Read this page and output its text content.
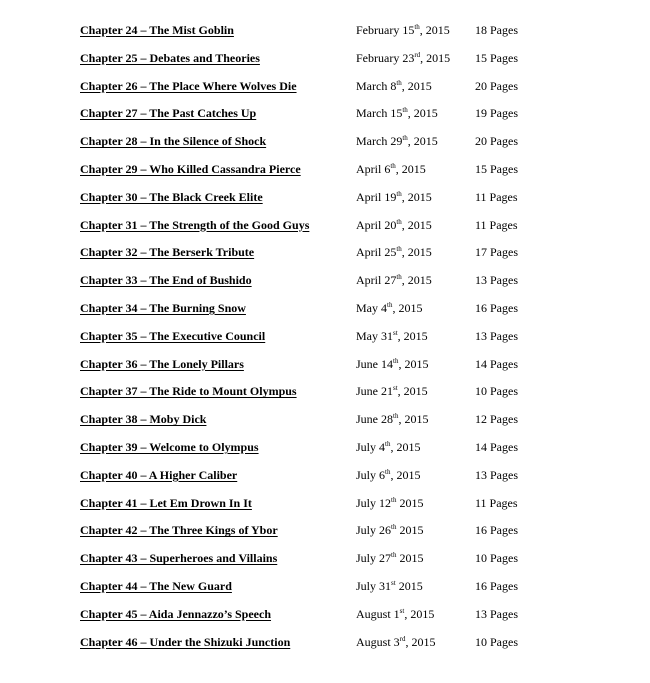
Chapter 24 – The Mist Goblin	February 15th, 2015 18 Pages
Chapter 25 – Debates and Theories	February 23rd, 2015 15 Pages
Chapter 26 – The Place Where Wolves Die	March 8th, 2015	20 Pages
Chapter 27 – The Past Catches Up	March 15th, 2015	19 Pages
Chapter 28 – In the Silence of Shock	March 29th, 2015	20 Pages
Chapter 29 – Who Killed Cassandra Pierce	April 6th, 2015	15 Pages
Chapter 30 – The Black Creek Elite	April 19th, 2015	11 Pages
Chapter 31 – The Strength of the Good Guys	April 20th, 2015	11 Pages
Chapter 32 – The Berserk Tribute	April 25th, 2015	17 Pages
Chapter 33 – The End of Bushido	April 27th, 2015	13 Pages
Chapter 34 – The Burning Snow	May 4th, 2015	16 Pages
Chapter 35 – The Executive Council	May 31st, 2015	13 Pages
Chapter 36 – The Lonely Pillars	June 14th, 2015	14 Pages
Chapter 37 – The Ride to Mount Olympus	June 21st, 2015	10 Pages
Chapter 38 – Moby Dick	June 28th, 2015	12 Pages
Chapter 39 – Welcome to Olympus	July 4th, 2015	14 Pages
Chapter 40 – A Higher Caliber	July 6th, 2015	13 Pages
Chapter 41 – Let Em Drown In It	July 12th 2015	11 Pages
Chapter 42 – The Three Kings of Ybor	July 26th 2015	16 Pages
Chapter 43 – Superheroes and Villains	July 27th 2015	10 Pages
Chapter 44 – The New Guard	July 31st 2015	16 Pages
Chapter 45 – Aida Jennazzo’s Speech	August 1st, 2015	13 Pages
Chapter 46 – Under the Shizuki Junction	August 3rd, 2015	10 Pages
